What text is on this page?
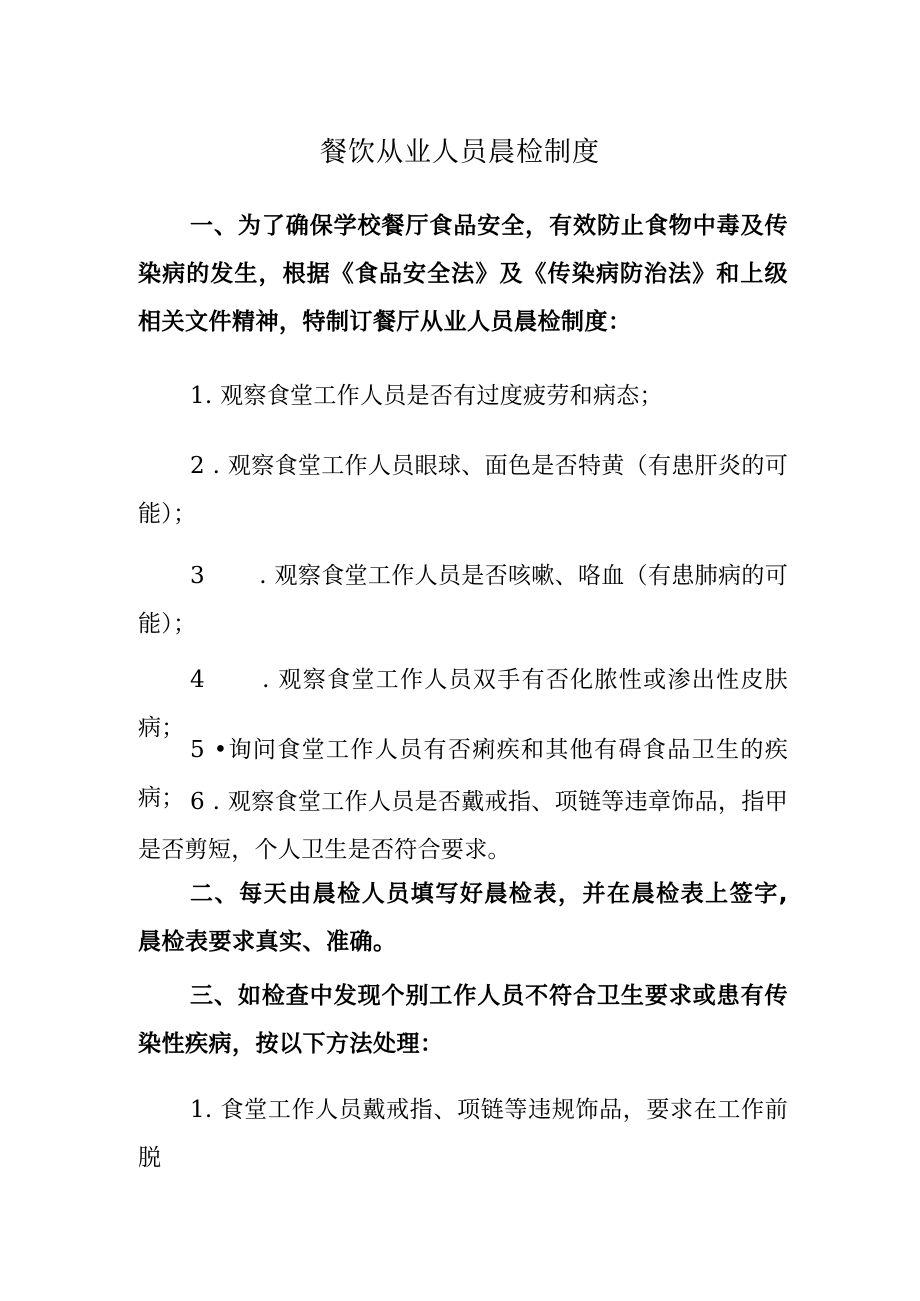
餐饮从业人员晨检制度

一、为了确保学校餐厅食品安全，有效防止食物中毒及传染病的发生，根据《食品安全法》及《传染病防治法》和上级相关文件精神，特制订餐厅从业人员晨检制度：

1. 观察食堂工作人员是否有过度疲劳和病态；

2 . 观察食堂工作人员眼球、面色是否特黄（有患肝炎的可能）；

3 　　. 观察食堂工作人员是否咳嗽、咯血（有患肺病的可能）；

4 　　. 观察食堂工作人员双手有否化脓性或渗出性皮肤病；

5 •询问食堂工作人员有否痢疾和其他有碍食品卫生的疾病； 6 . 观察食堂工作人员是否戴戒指、项链等违章饰品，指甲是否剪短，个人卫生是否符合要求。

二、每天由晨检人员填写好晨检表，并在晨检表上签字, 晨检表要求真实、准确。

三、如检查中发现个别工作人员不符合卫生要求或患有传染性疾病，按以下方法处理：

1. 食堂工作人员戴戒指、项链等违规饰品，要求在工作前脱
